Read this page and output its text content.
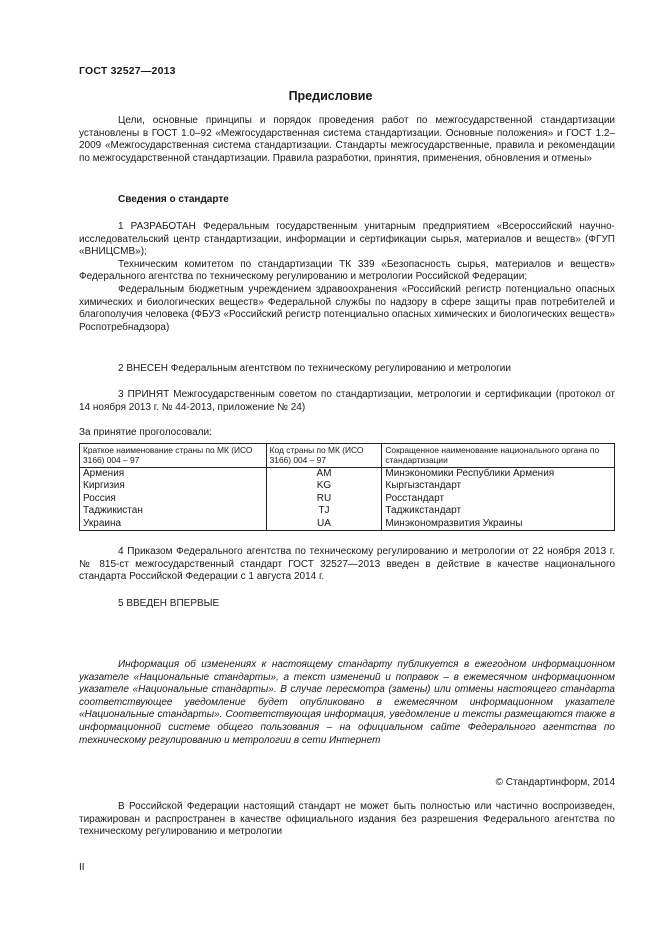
ГОСТ 32527—2013
Предисловие

Цели, основные принципы и порядок проведения работ по межгосударственной стандартизации установлены в ГОСТ 1.0–92 «Межгосударственная система стандартизации. Основные положения» и ГОСТ 1.2–2009 «Межгосударственная система стандартизации. Стандарты межгосударственные, правила и рекомендации по межгосударственной стандартизации. Правила разработки, принятия, применения, обновления и отмены»

Сведения о стандарте

1 РАЗРАБОТАН Федеральным государственным унитарным предприятием «Всероссийский научно-исследовательский центр стандартизации, информации и сертификации сырья, материалов и веществ» (ФГУП «ВНИЦСМВ»);

Техническим комитетом по стандартизации ТК 339 «Безопасность сырья, материалов и веществ» Федерального агентства по техническому регулированию и метрологии Российской Федерации;

Федеральным бюджетным учреждением здравоохранения «Российский регистр потенциально опасных химических и биологических веществ» Федеральной службы по надзору в сфере защиты прав потребителей и благополучия человека (ФБУЗ «Российский регистр потенциально опасных химических и биологических веществ» Роспотребнадзора)

2 ВНЕСЕН Федеральным агентством по техническому регулированию и метрологии

3 ПРИНЯТ Межгосударственным советом по стандартизации, метрологии и сертификации (протокол от 14 ноября 2013 г. № 44-2013, приложение № 24)

За принятие проголосовали:
Краткое наименование страны по МК (ИСО 3166) 004 – 97	Код страны по МК (ИСО 3166) 004 – 97	Сокращенное наименование национального органа по стандартизации
Армения	AM	Минэкономики Республики Армения
Киргизия	KG	Кыргызстандарт
Россия	RU	Росстандарт
Таджикистан	TJ	Таджикстандарт
Украина	UA	Минэкономразвития Украины

4 Приказом Федерального агентства по техническому регулированию и метрологии от 22 ноября 2013 г. № 815-ст межгосударственный стандарт ГОСТ 32527—2013 введен в действие в качестве национального стандарта Российской Федерации с 1 августа 2014 г.

5 ВВЕДЕН ВПЕРВЫЕ

Информация об изменениях к настоящему стандарту публикуется в ежегодном информационном указателе «Национальные стандарты», а текст изменений и поправок – в ежемесячном информационном указателе «Национальные стандарты». В случае пересмотра (замены) или отмены настоящего стандарта соответствующее уведомление будет опубликовано в ежемесячном информационном указателе «Национальные стандарты». Соответствующая информация, уведомление и тексты размещаются также в информационной системе общего пользования – на официальном сайте Федерального агентства по техническому регулированию и метрологии в сети Интернет

© Стандартинформ, 2014

В Российской Федерации настоящий стандарт не может быть полностью или частично воспроизведен, тиражирован и распространен в качестве официального издания без разрешения Федерального агентства по техническому регулированию и метрологии

II
